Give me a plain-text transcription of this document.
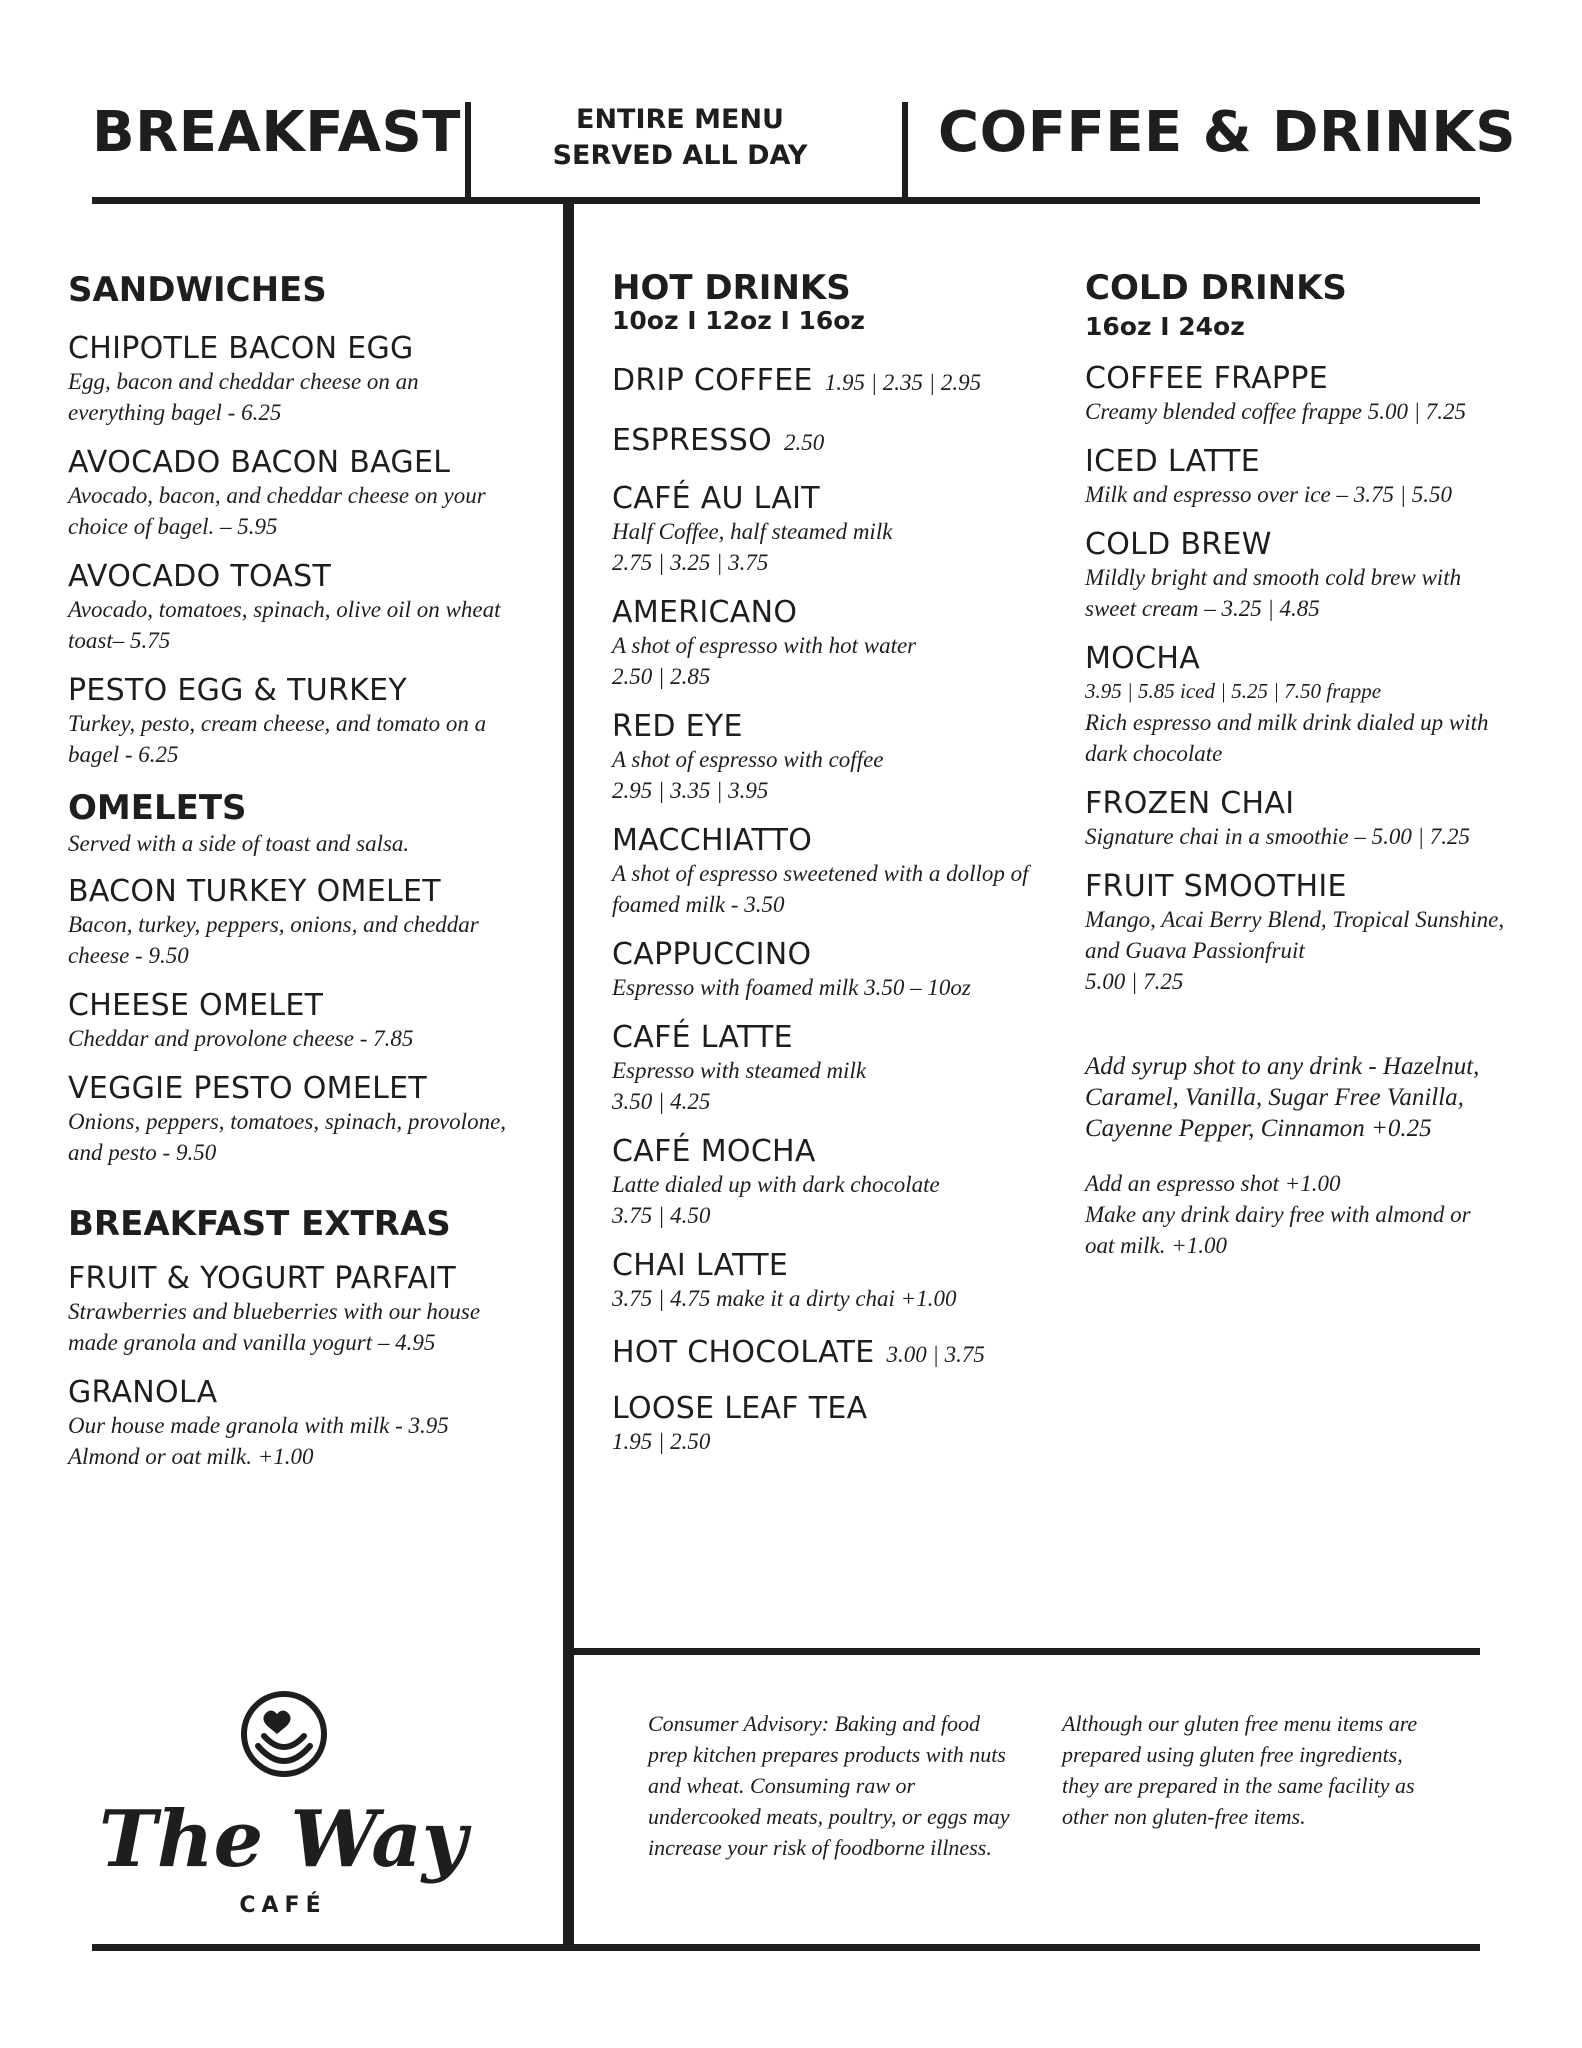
BREAKFAST	ENTIRE MENU
SERVED ALL DAY	COFFEE & DRINKS
SANDWICHES
CHIPOTLE BACON EGG
Egg, bacon and cheddar cheese on an everything bagel - 6.25
AVOCADO BACON BAGEL
Avocado, bacon, and cheddar cheese on your choice of bagel. – 5.95
AVOCADO TOAST
Avocado, tomatoes, spinach, olive oil on wheat toast– 5.75
PESTO EGG & TURKEY
Turkey, pesto, cream cheese, and tomato on a bagel - 6.25
OMELETS
Served with a side of toast and salsa.
BACON TURKEY OMELET
Bacon, turkey, peppers, onions, and cheddar cheese - 9.50
CHEESE OMELET
Cheddar and provolone cheese - 7.85
VEGGIE PESTO OMELET
Onions, peppers, tomatoes, spinach, provolone, and pesto - 9.50
BREAKFAST EXTRAS
FRUIT & YOGURT PARFAIT
Strawberries and blueberries with our house made granola and vanilla yogurt – 4.95
GRANOLA
Our house made granola with milk - 3.95
Almond or oat milk. +1.00
HOT DRINKS
10oz I 12oz I 16oz
DRIP COFFEE 1.95 | 2.35 | 2.95
ESPRESSO 2.50
CAFÉ AU LAIT
Half Coffee, half steamed milk
2.75 | 3.25 | 3.75
AMERICANO
A shot of espresso with hot water
2.50 | 2.85
RED EYE
A shot of espresso with coffee
2.95 | 3.35 | 3.95
MACCHIATTO
A shot of espresso sweetened with a dollop of foamed milk - 3.50
CAPPUCCINO
Espresso with foamed milk 3.50 – 10oz
CAFÉ LATTE
Espresso with steamed milk
3.50 | 4.25
CAFÉ MOCHA
Latte dialed up with dark chocolate
3.75 | 4.50
CHAI LATTE
3.75 | 4.75 make it a dirty chai +1.00
HOT CHOCOLATE 3.00 | 3.75
LOOSE LEAF TEA
1.95 | 2.50
COLD DRINKS
16oz I 24oz
COFFEE FRAPPE
Creamy blended coffee frappe 5.00 | 7.25
ICED LATTE
Milk and espresso over ice – 3.75 | 5.50
COLD BREW
Mildly bright and smooth cold brew with sweet cream – 3.25 | 4.85
MOCHA
3.95 | 5.85 iced | 5.25 | 7.50 frappe
Rich espresso and milk drink dialed up with dark chocolate
FROZEN CHAI
Signature chai in a smoothie – 5.00 | 7.25
FRUIT SMOOTHIE
Mango, Acai Berry Blend, Tropical Sunshine, and Guava Passionfruit
5.00 | 7.25
Add syrup shot to any drink - Hazelnut, Caramel, Vanilla, Sugar Free Vanilla, Cayenne Pepper, Cinnamon +0.25
Add an espresso shot +1.00
Make any drink dairy free with almond or oat milk. +1.00
Consumer Advisory: Baking and food prep kitchen prepares products with nuts and wheat. Consuming raw or undercooked meats, poultry, or eggs may increase your risk of foodborne illness.
Although our gluten free menu items are prepared using gluten free ingredients, they are prepared in the same facility as other non gluten-free items.
The Way
CAFÉ
